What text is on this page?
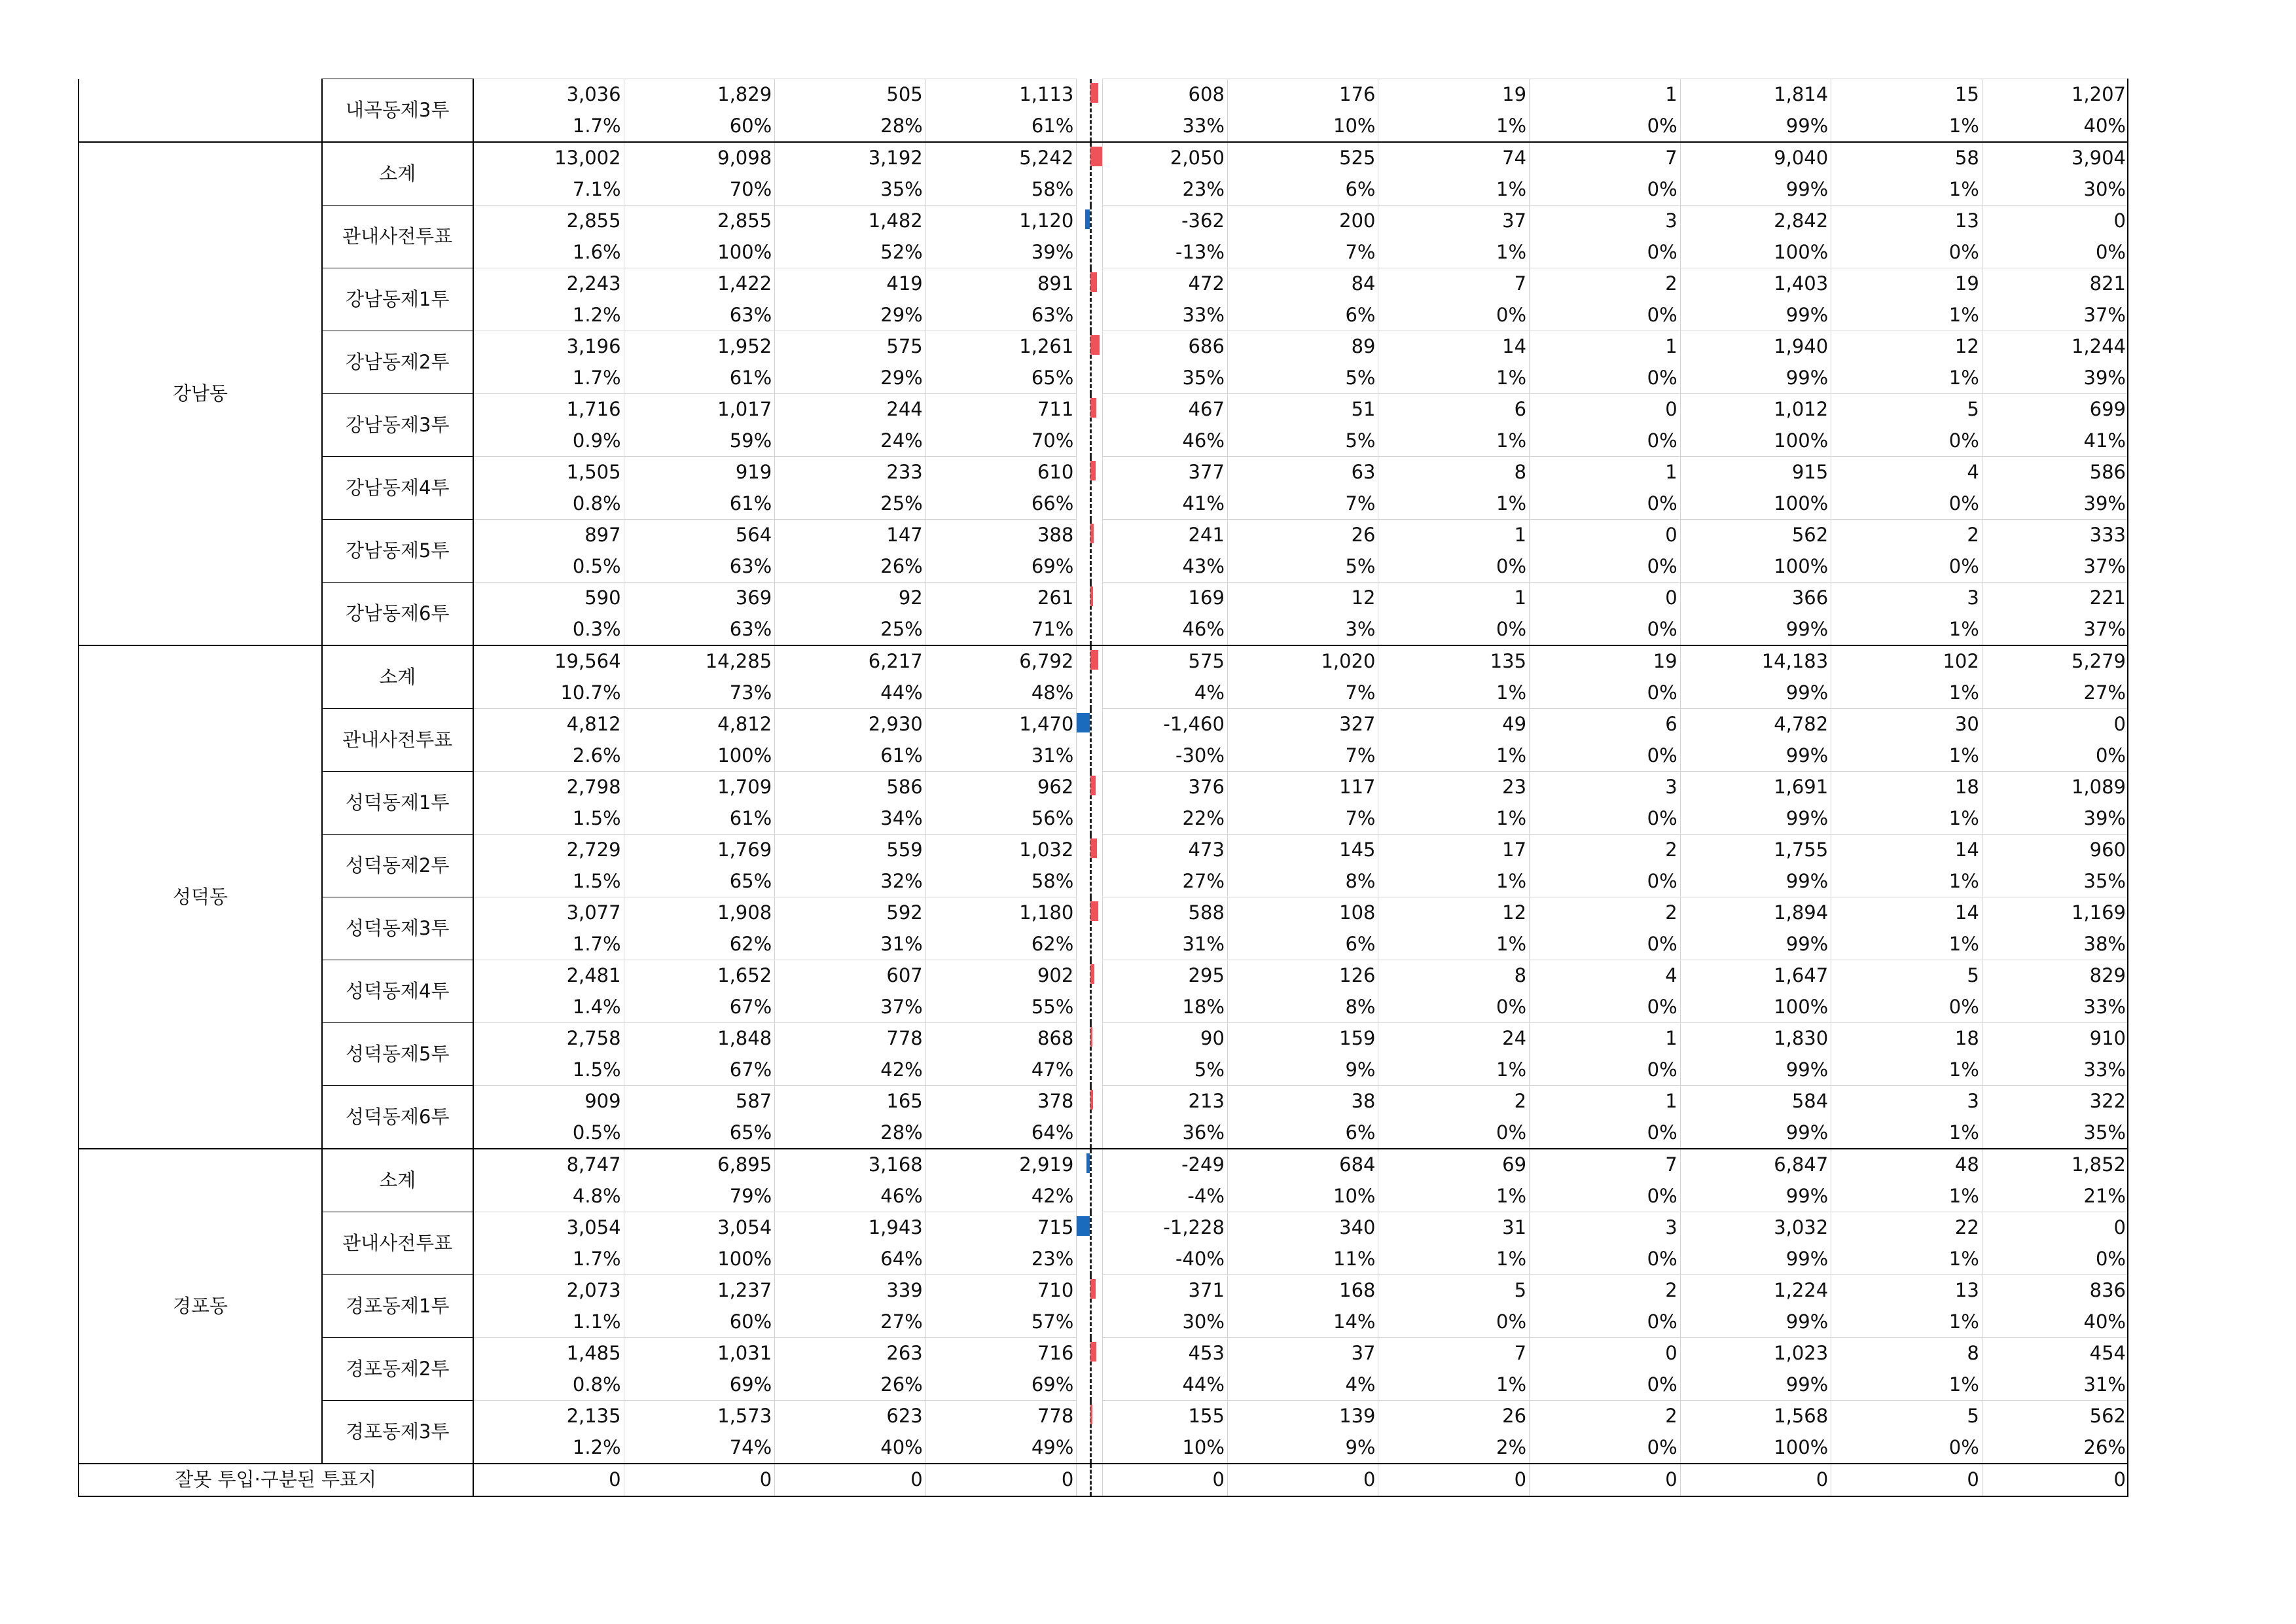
	내곡동제3투	3,036	1,829	505	1,113		608	176	19	1	1,814	15	1,207
		1.7%	60%	28%	61%		33%	10%	1%	0%	99%	1%	40%
강남동	소계	13,002	9,098	3,192	5,242		2,050	525	74	7	9,040	58	3,904
		7.1%	70%	35%	58%		23%	6%	1%	0%	99%	1%	30%
	관내사전투표	2,855	2,855	1,482	1,120		-362	200	37	3	2,842	13	0
		1.6%	100%	52%	39%		-13%	7%	1%	0%	100%	0%	0%
	강남동제1투	2,243	1,422	419	891		472	84	7	2	1,403	19	821
		1.2%	63%	29%	63%		33%	6%	0%	0%	99%	1%	37%
	강남동제2투	3,196	1,952	575	1,261		686	89	14	1	1,940	12	1,244
		1.7%	61%	29%	65%		35%	5%	1%	0%	99%	1%	39%
	강남동제3투	1,716	1,017	244	711		467	51	6	0	1,012	5	699
		0.9%	59%	24%	70%		46%	5%	1%	0%	100%	0%	41%
	강남동제4투	1,505	919	233	610		377	63	8	1	915	4	586
		0.8%	61%	25%	66%		41%	7%	1%	0%	100%	0%	39%
	강남동제5투	897	564	147	388		241	26	1	0	562	2	333
		0.5%	63%	26%	69%		43%	5%	0%	0%	100%	0%	37%
	강남동제6투	590	369	92	261		169	12	1	0	366	3	221
		0.3%	63%	25%	71%		46%	3%	0%	0%	99%	1%	37%
성덕동	소계	19,564	14,285	6,217	6,792		575	1,020	135	19	14,183	102	5,279
		10.7%	73%	44%	48%		4%	7%	1%	0%	99%	1%	27%
	관내사전투표	4,812	4,812	2,930	1,470		-1,460	327	49	6	4,782	30	0
		2.6%	100%	61%	31%		-30%	7%	1%	0%	99%	1%	0%
	성덕동제1투	2,798	1,709	586	962		376	117	23	3	1,691	18	1,089
		1.5%	61%	34%	56%		22%	7%	1%	0%	99%	1%	39%
	성덕동제2투	2,729	1,769	559	1,032		473	145	17	2	1,755	14	960
		1.5%	65%	32%	58%		27%	8%	1%	0%	99%	1%	35%
	성덕동제3투	3,077	1,908	592	1,180		588	108	12	2	1,894	14	1,169
		1.7%	62%	31%	62%		31%	6%	1%	0%	99%	1%	38%
	성덕동제4투	2,481	1,652	607	902		295	126	8	4	1,647	5	829
		1.4%	67%	37%	55%		18%	8%	0%	0%	100%	0%	33%
	성덕동제5투	2,758	1,848	778	868		90	159	24	1	1,830	18	910
		1.5%	67%	42%	47%		5%	9%	1%	0%	99%	1%	33%
	성덕동제6투	909	587	165	378		213	38	2	1	584	3	322
		0.5%	65%	28%	64%		36%	6%	0%	0%	99%	1%	35%
경포동	소계	8,747	6,895	3,168	2,919		-249	684	69	7	6,847	48	1,852
		4.8%	79%	46%	42%		-4%	10%	1%	0%	99%	1%	21%
	관내사전투표	3,054	3,054	1,943	715		-1,228	340	31	3	3,032	22	0
		1.7%	100%	64%	23%		-40%	11%	1%	0%	99%	1%	0%
	경포동제1투	2,073	1,237	339	710		371	168	5	2	1,224	13	836
		1.1%	60%	27%	57%		30%	14%	0%	0%	99%	1%	40%
	경포동제2투	1,485	1,031	263	716		453	37	7	0	1,023	8	454
		0.8%	69%	26%	69%		44%	4%	1%	0%	99%	1%	31%
	경포동제3투	2,135	1,573	623	778		155	139	26	2	1,568	5	562
		1.2%	74%	40%	49%		10%	9%	2%	0%	100%	0%	26%
잘못 투입·구분된 투표지		0	0	0	0		0	0	0	0	0	0	0
